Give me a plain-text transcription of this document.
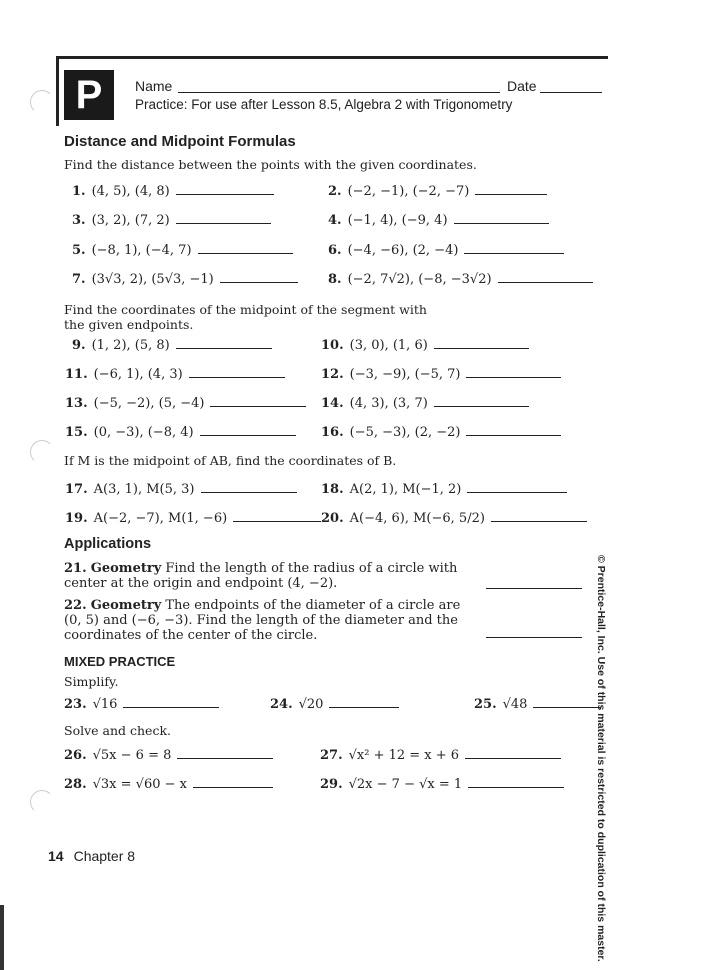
P	Name	Date
Practice: For use after Lesson 8.5, Algebra 2 with Trigonometry
Distance and Midpoint Formulas
Find the distance between the points with the given coordinates.
1. (4, 5), (4, 8)	2. (−2, −1), (−2, −7)
3. (3, 2), (7, 2)	4. (−1, 4), (−9, 4)
5. (−8, 1), (−4, 7)	6. (−4, −6), (2, −4)
7. (3√3, 2), (5√3, −1)	8. (−2, 7√2), (−8, −3√2)
Find the coordinates of the midpoint of the segment with the given endpoints.
9. (1, 2), (5, 8)	10. (3, 0), (1, 6)
11. (−6, 1), (4, 3)	12. (−3, −9), (−5, 7)
13. (−5, −2), (5, −4)	14. (4, 3), (3, 7)
15. (0, −3), (−8, 4)	16. (−5, −3), (2, −2)
If M is the midpoint of AB, find the coordinates of B.
17. A(3, 1), M(5, 3)	18. A(2, 1), M(−1, 2)
19. A(−2, −7), M(1, −6)	20. A(−4, 6), M(−6, 5/2)
Applications
21. Geometry Find the length of the radius of a circle with center at the origin and endpoint (4, −2).
22. Geometry The endpoints of the diameter of a circle are (0, 5) and (−6, −3). Find the length of the diameter and the coordinates of the center of the circle.
MIXED PRACTICE
Simplify.
23. √16	24. √20	25. √48
Solve and check.
26. √5x − 6 = 8	27. √x² + 12 = x + 6
28. √3x = √60 − x	29. √2x − 7 − √x = 1	© Prentice-Hall, Inc. Use of this material is restricted to duplication of this master.
14 Chapter 8
